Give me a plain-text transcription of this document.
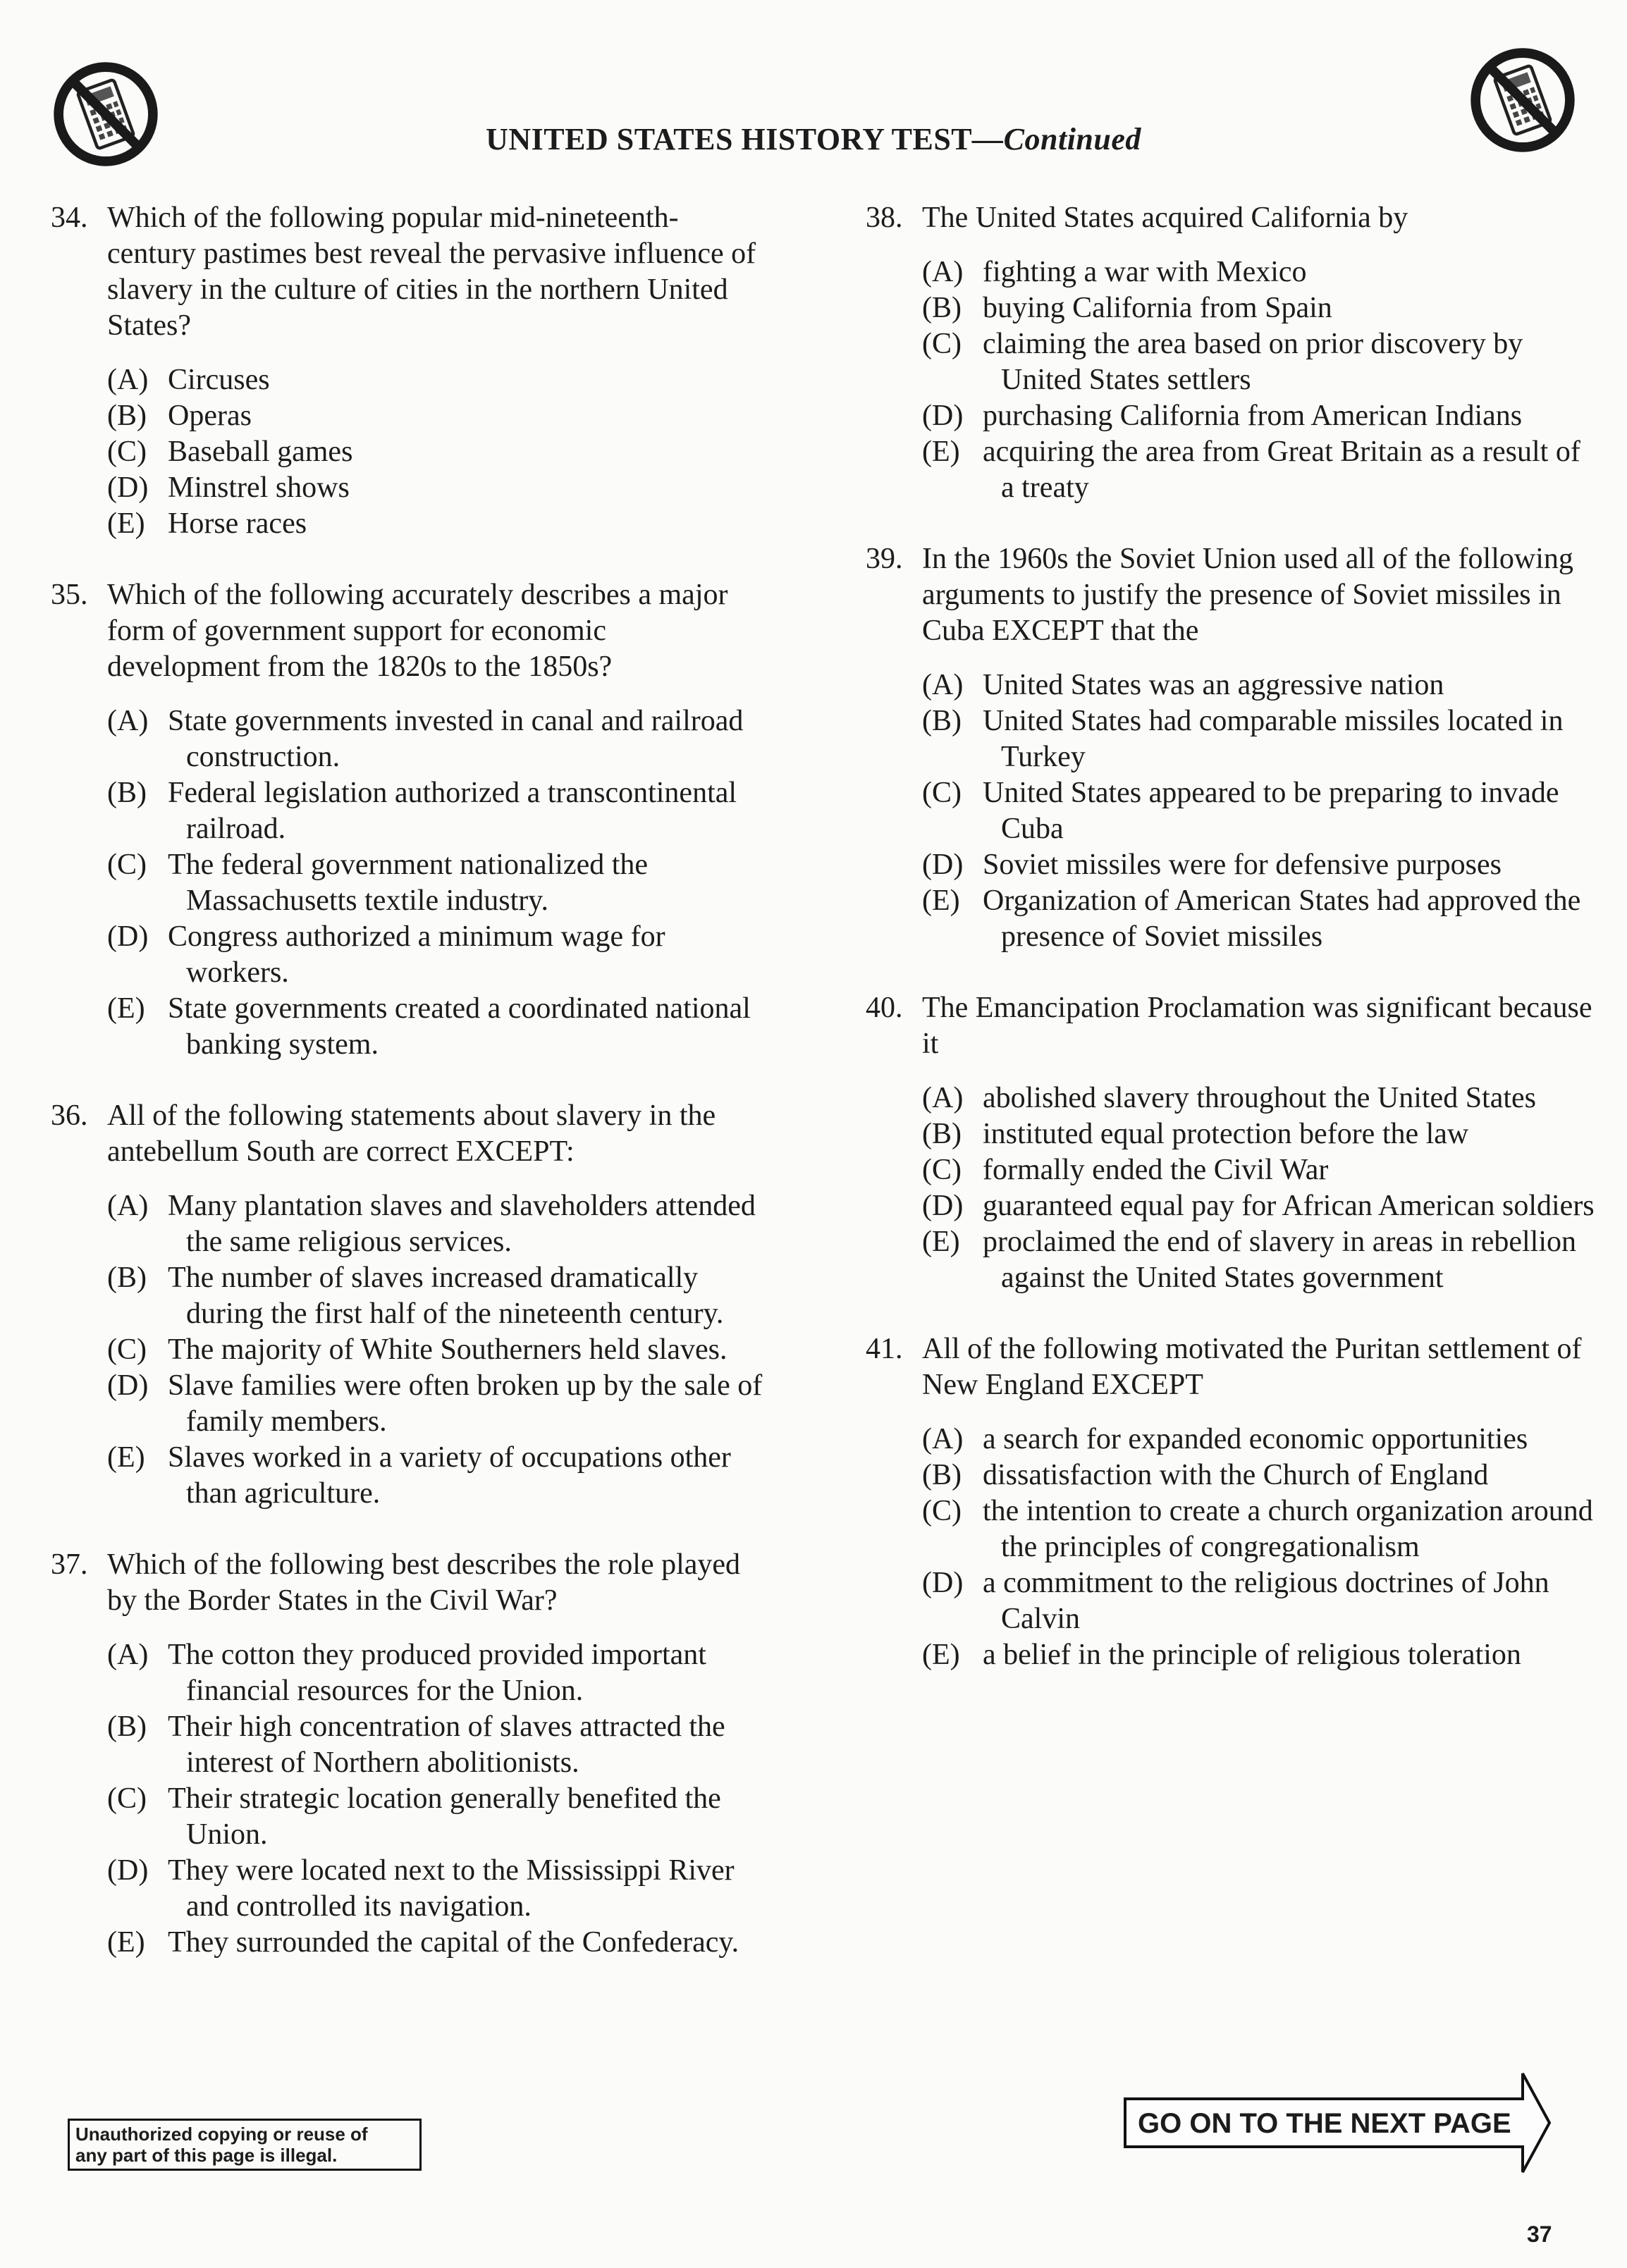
UNITED STATES HISTORY TEST—Continued
34. Which of the following popular mid-nineteenth-century pastimes best reveal the pervasive influence of slavery in the culture of cities in the northern United States?
(A) Circuses
(B) Operas
(C) Baseball games
(D) Minstrel shows
(E) Horse races
35. Which of the following accurately describes a major form of government support for economic development from the 1820s to the 1850s?
(A) State governments invested in canal and railroad construction.
(B) Federal legislation authorized a transcontinental railroad.
(C) The federal government nationalized the Massachusetts textile industry.
(D) Congress authorized a minimum wage for workers.
(E) State governments created a coordinated national banking system.
36. All of the following statements about slavery in the antebellum South are correct EXCEPT:
(A) Many plantation slaves and slaveholders attended the same religious services.
(B) The number of slaves increased dramatically during the first half of the nineteenth century.
(C) The majority of White Southerners held slaves.
(D) Slave families were often broken up by the sale of family members.
(E) Slaves worked in a variety of occupations other than agriculture.
37. Which of the following best describes the role played by the Border States in the Civil War?
(A) The cotton they produced provided important financial resources for the Union.
(B) Their high concentration of slaves attracted the interest of Northern abolitionists.
(C) Their strategic location generally benefited the Union.
(D) They were located next to the Mississippi River and controlled its navigation.
(E) They surrounded the capital of the Confederacy.
38. The United States acquired California by
(A) fighting a war with Mexico
(B) buying California from Spain
(C) claiming the area based on prior discovery by United States settlers
(D) purchasing California from American Indians
(E) acquiring the area from Great Britain as a result of a treaty
39. In the 1960s the Soviet Union used all of the following arguments to justify the presence of Soviet missiles in Cuba EXCEPT that the
(A) United States was an aggressive nation
(B) United States had comparable missiles located in Turkey
(C) United States appeared to be preparing to invade Cuba
(D) Soviet missiles were for defensive purposes
(E) Organization of American States had approved the presence of Soviet missiles
40. The Emancipation Proclamation was significant because it
(A) abolished slavery throughout the United States
(B) instituted equal protection before the law
(C) formally ended the Civil War
(D) guaranteed equal pay for African American soldiers
(E) proclaimed the end of slavery in areas in rebellion against the United States government
41. All of the following motivated the Puritan settlement of New England EXCEPT
(A) a search for expanded economic opportunities
(B) dissatisfaction with the Church of England
(C) the intention to create a church organization around the principles of congregationalism
(D) a commitment to the religious doctrines of John Calvin
(E) a belief in the principle of religious toleration
Unauthorized copying or reuse of
any part of this page is illegal.
GO ON TO THE NEXT PAGE
37
